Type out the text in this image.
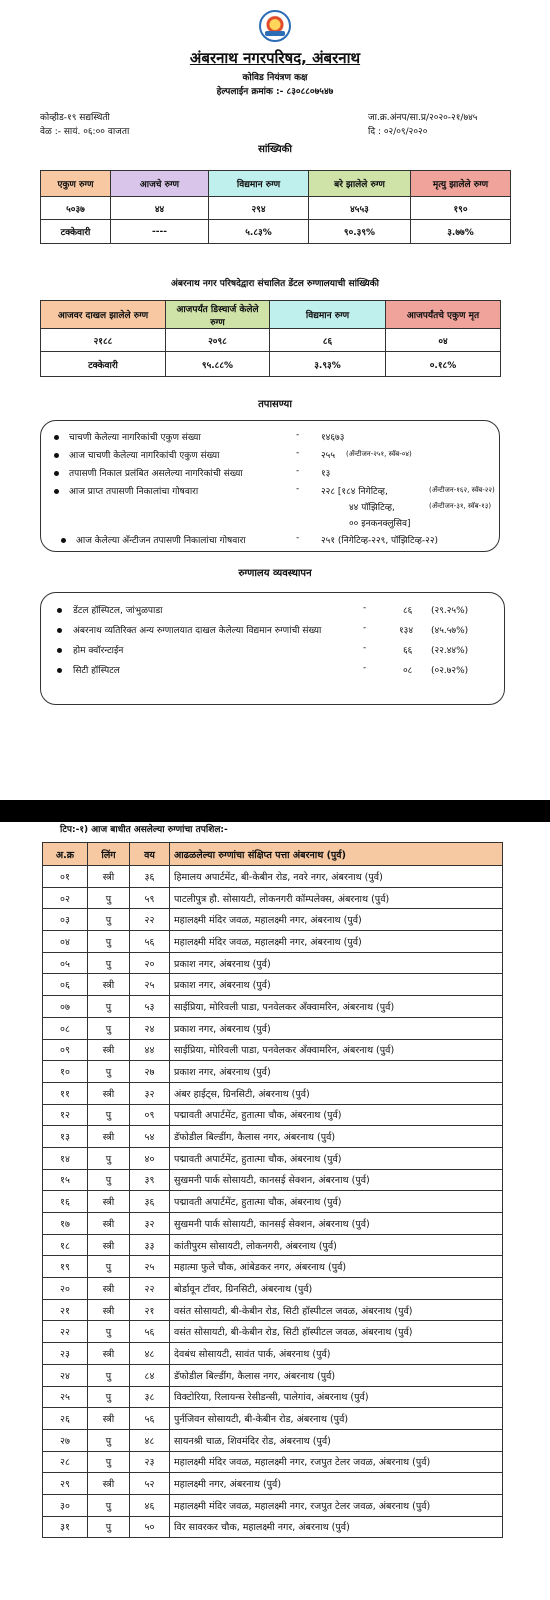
अंबरनाथ नगरपरिषद, अंबरनाथ
कोविड नियंत्रण कक्ष
हेल्पलाईन क्रमांक :- ८३०८८०७५४७
कोव्हीड-१९ सद्यस्थिती
वेळ :- सायं. ०६:०० वाजता
जा.क्र.अंनप/सा.प्र/२०२०-२१/७४५
दि : ०२/०९/२०२०
सांख्यिकी
एकुण रुग्ण	आजचे रुग्ण	विद्यमान रुग्ण	बरे झालेले रुग्ण	मृत्यु झालेले रुग्ण
५०३७	४४	२९४	४५५३	१९०
टक्केवारी	----	५.८३%	९०.३९%	३.७७%
अंबरनाथ नगर परिषदेद्वारा संचालित डेंटल रुग्णालयाची सांख्यिकी
आजवर दाखल झालेले रुग्ण	आजपर्यंत डिस्चार्ज केलेले रुग्ण	विद्यमान रुग्ण	आजपर्यंतचे एकुण मृत
२१८८	२०९८	८६	०४
टक्केवारी	९५.८८%	३.९३%	०.१८%
तपासण्या
चाचणी केलेल्या नागरिकांची एकुण संख्या	- १४६७३
आज चाचणी केलेल्या नागरिकांची एकुण संख्या	- २५५ (अँन्टीजन-२५१, स्वॅब-०४)
तपासणी निकाल प्रलंबित असलेल्या नागरिकांची संख्या	- १३
आज प्राप्त तपासणी निकालांचा गोषवारा	- २२८ [१८४ निगेटिव्ह,	(अँन्टीजन-१६२, स्वॅब-२२)
४४ पॉझिटिव्ह,	(अँन्टीजन-३१, स्वॅब-१३)
०० इनकनक्लुसिव]
आज केलेल्या अँन्टीजन तपासणी निकालांचा गोषवारा	- २५१ (निगेटिव्ह-२२९, पॉझिटिव्ह-२२)
रुग्णालय व्यवस्थापन
डेंटल हॉस्पिटल, जांभुळपाडा	-	८६ (२९.२५%)
अंबरनाथ व्यतिरिक्त अन्य रुग्णालयात दाखल केलेल्या विद्यमान रुग्णांची संख्या	-	१३४ (४५.५७%)
होम क्वॉरन्टाईन	-	६६ (२२.४४%)
सिटी हॉस्पिटल	-	०८ (०२.७२%)
टिप:-१) आज बाधीत असलेल्या रुग्णांचा तपशिल:-
अ.क्र	लिंग	वय	आढळलेल्या रुग्णांचा संक्षिप्त पत्ता अंबरनाथ (पुर्व)
०१	स्त्री	३६	हिमालय अपार्टमेंट, बी-केबीन रोड, नवरे नगर, अंबरनाथ (पुर्व)
०२	पु	५९	पाटलीपुत्र हौ. सोसायटी, लोकनगरी कॉम्पलेक्स, अंबरनाथ (पुर्व)
०३	पु	२२	महालक्ष्मी मंदिर जवळ, महालक्ष्मी नगर, अंबरनाथ (पुर्व)
०४	पु	५६	महालक्ष्मी मंदिर जवळ, महालक्ष्मी नगर, अंबरनाथ (पुर्व)
०५	पु	२०	प्रकाश नगर, अंबरनाथ (पुर्व)
०६	स्त्री	२५	प्रकाश नगर, अंबरनाथ (पुर्व)
०७	पु	५३	साईप्रिया, मोरिवली पाडा, पनवेलकर अँक्वामरिन, अंबरनाथ (पुर्व)
०८	पु	२४	प्रकाश नगर, अंबरनाथ (पुर्व)
०९	स्त्री	४४	साईप्रिया, मोरिवली पाडा, पनवेलकर अँक्वामरिन, अंबरनाथ (पुर्व)
१०	पु	२७	प्रकाश नगर, अंबरनाथ (पुर्व)
११	स्त्री	३२	अंबर हाईट्स, ग्रिनसिटी, अंबरनाथ (पुर्व)
१२	पु	०९	पद्मावती अपार्टमेंट, हुतात्मा चौक, अंबरनाथ (पुर्व)
१३	स्त्री	५४	डॅफोडील बिल्डींग, कैलास नगर, अंबरनाथ (पुर्व)
१४	पु	४०	पद्मावती अपार्टमेंट, हुतात्मा चौक, अंबरनाथ (पुर्व)
१५	पु	३९	सुखमनी पार्क सोसायटी, कानसई सेक्शन, अंबरनाथ (पुर्व)
१६	स्त्री	३६	पद्मावती अपार्टमेंट, हुतात्मा चौक, अंबरनाथ (पुर्व)
१७	स्त्री	३२	सुखमनी पार्क सोसायटी, कानसई सेक्शन, अंबरनाथ (पुर्व)
१८	स्त्री	३३	कांतीपुरम सोसायटी, लोकनगरी, अंबरनाथ (पुर्व)
१९	पु	२५	महात्मा फुले चौक, आंबेडकर नगर, अंबरनाथ (पुर्व)
२०	स्त्री	२२	बोर्डावून टॉवर, ग्रिनसिटी, अंबरनाथ (पुर्व)
२१	स्त्री	२१	वसंत सोसायटी, बी-केबीन रोड, सिटी हॉस्पीटल जवळ, अंबरनाथ (पुर्व)
२२	पु	५६	वसंत सोसायटी, बी-केबीन रोड, सिटी हॉस्पीटल जवळ, अंबरनाथ (पुर्व)
२३	स्त्री	४८	देवबंध सोसायटी, सावंत पार्क, अंबरनाथ (पुर्व)
२४	पु	८४	डॅफोडील बिल्डींग, कैलास नगर, अंबरनाथ (पुर्व)
२५	पु	३८	विक्टोरिया, रिलायन्स रेसीडन्सी, पालेगांव, अंबरनाथ (पुर्व)
२६	स्त्री	५६	पुर्नजिवन सोसायटी, बी-केबीन रोड, अंबरनाथ (पुर्व)
२७	पु	४८	सायनश्री चाळ, शिवमंदिर रोड, अंबरनाथ (पुर्व)
२८	पु	२३	महालक्ष्मी मंदिर जवळ, महालक्ष्मी नगर, रजपुत टेलर जवळ, अंबरनाथ (पुर्व)
२९	स्त्री	५२	महालक्ष्मी नगर, अंबरनाथ (पुर्व)
३०	पु	४६	महालक्ष्मी मंदिर जवळ, महालक्ष्मी नगर, रजपुत टेलर जवळ, अंबरनाथ (पुर्व)
३१	पु	५०	विर सावरकर चौक, महालक्ष्मी नगर, अंबरनाथ (पुर्व)
